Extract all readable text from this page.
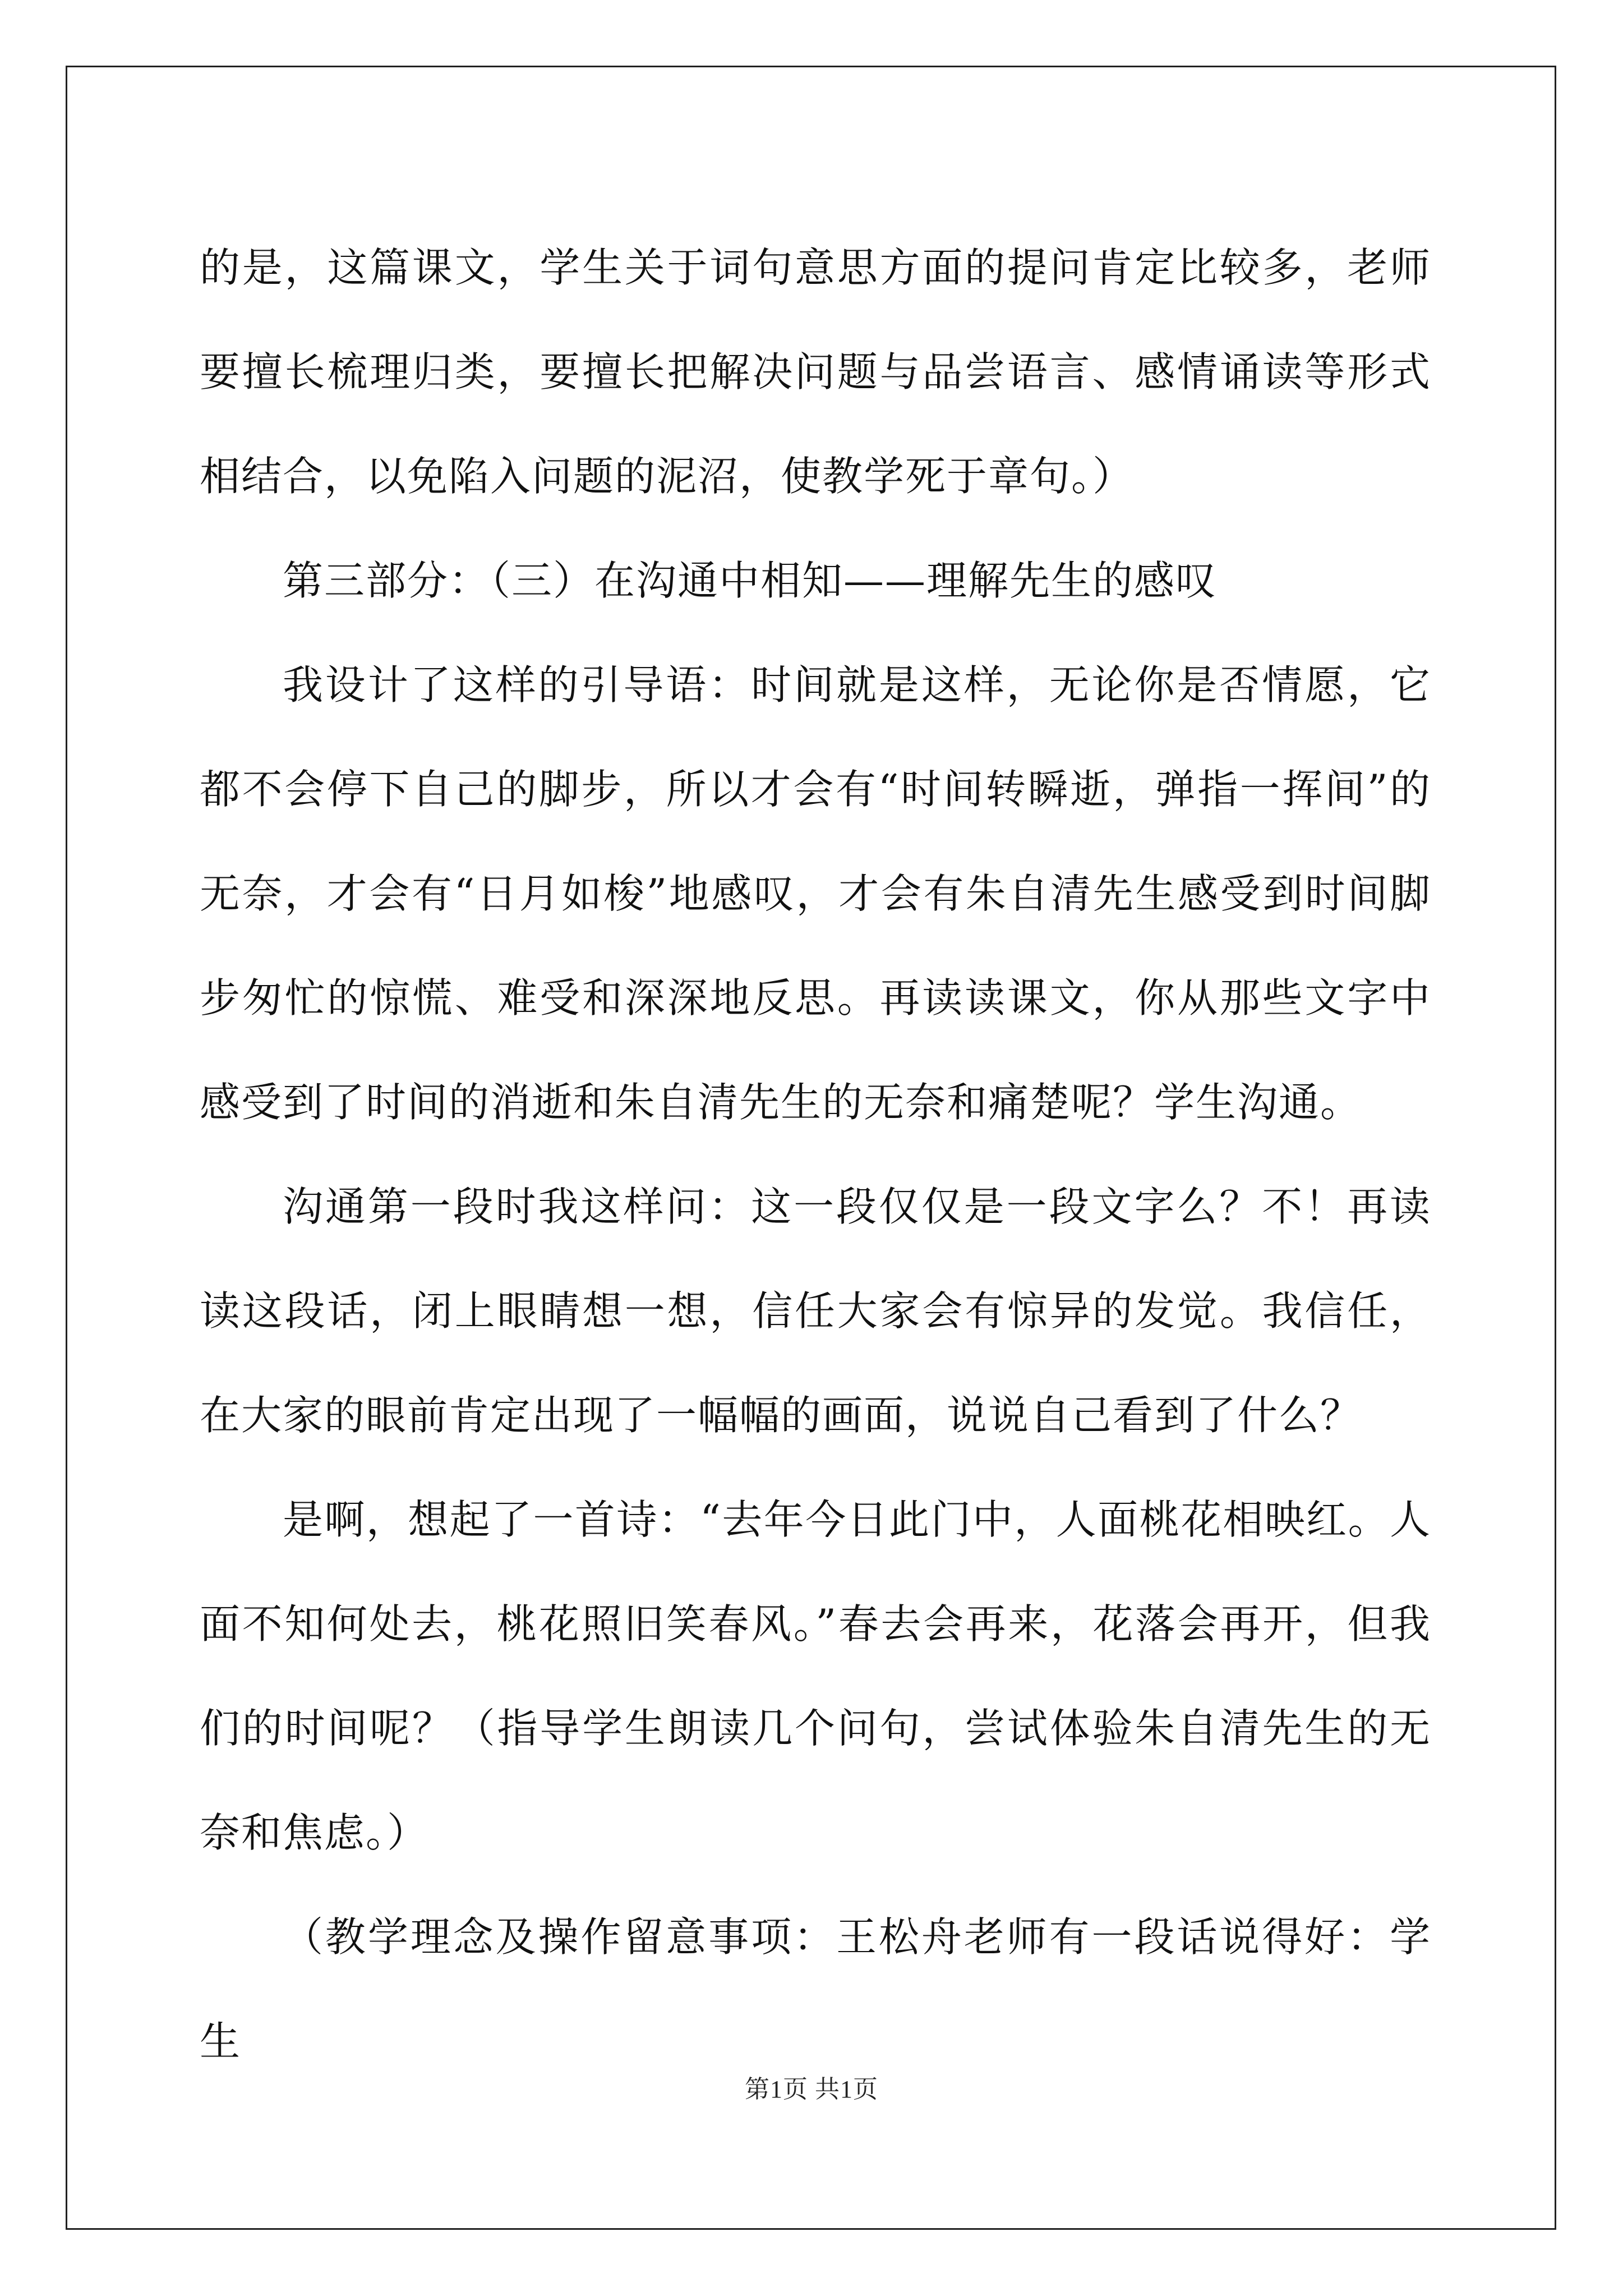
的是，这篇课文，学生关于词句意思方面的提问肯定比较多，老师要擅长梳理归类，要擅长把解决问题与品尝语言、感情诵读等形式相结合，以免陷入问题的泥沼，使教学死于章句。）

第三部分：（三）在沟通中相知——理解先生的感叹

我设计了这样的引导语：时间就是这样，无论你是否情愿，它都不会停下自己的脚步，所以才会有“时间转瞬逝，弹指一挥间”的无奈，才会有“日月如梭”地感叹，才会有朱自清先生感受到时间脚步匆忙的惊慌、难受和深深地反思。再读读课文，你从那些文字中感受到了时间的消逝和朱自清先生的无奈和痛楚呢？学生沟通。

沟通第一段时我这样问：这一段仅仅是一段文字么？不！再读读这段话，闭上眼睛想一想，信任大家会有惊异的发觉。我信任，在大家的眼前肯定出现了一幅幅的画面，说说自己看到了什么？

是啊，想起了一首诗：“去年今日此门中，人面桃花相映红。人面不知何处去，桃花照旧笑春风。”春去会再来，花落会再开，但我们的时间呢？（指导学生朗读几个问句，尝试体验朱自清先生的无奈和焦虑。）

（教学理念及操作留意事项：王松舟老师有一段话说得好：学生

第1页 共1页
